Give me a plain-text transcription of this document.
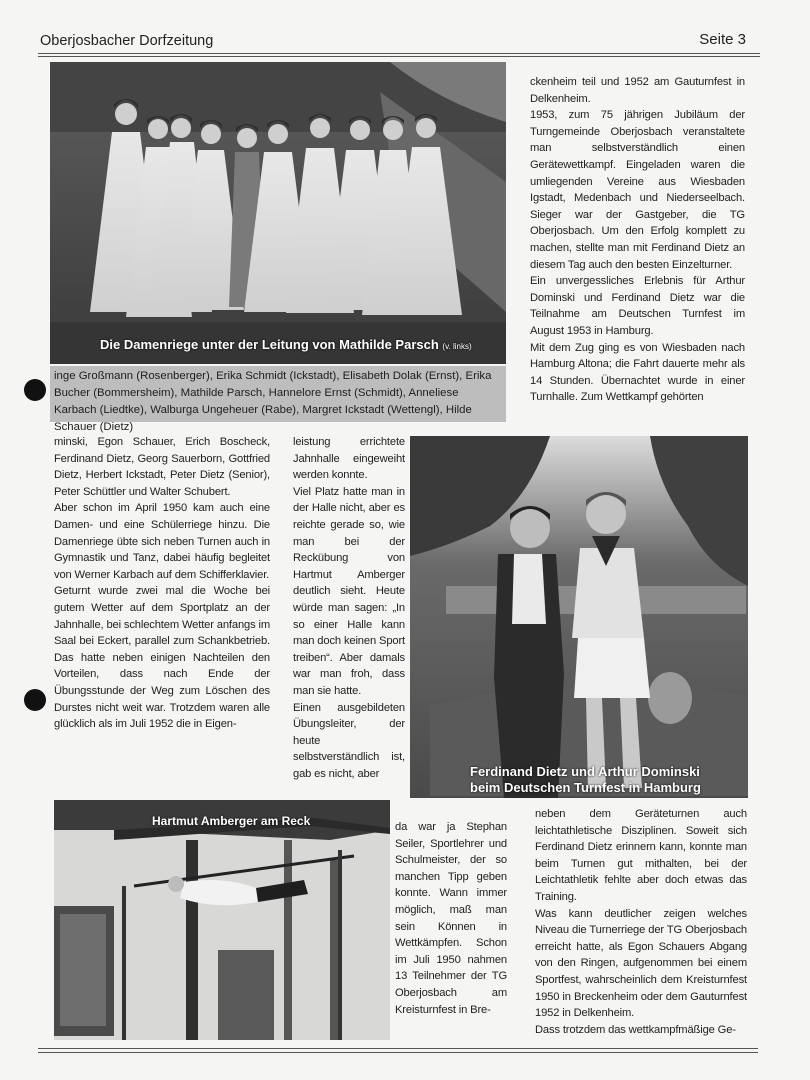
Oberjosbacher Dorfzeitung	Seite 3
Die Damenriege unter der Leitung von Mathilde Parsch (v. links)
inge Großmann (Rosenberger), Erika Schmidt (Ickstadt), Elisabeth Dolak (Ernst), Erika Bucher (Bommersheim), Mathilde Parsch, Hannelore Ernst (Schmidt), Anneliese Karbach (Liedtke), Walburga Ungeheuer (Rabe), Margret Ickstadt (Wettengl), Hilde Schauer (Dietz)

ckenheim teil und 1952 am Gauturnfest in Delkenheim.

1953, zum 75 jährigen Jubiläum der Turngemeinde Oberjosbach veranstaltete man selbstverständlich einen Gerätewettkampf. Eingeladen waren die umliegenden Vereine aus Wiesbaden Igstadt, Medenbach und Niederseelbach. Sieger war der Gastgeber, die TG Oberjosbach. Um den Erfolg komplett zu machen, stellte man mit Ferdinand Dietz an diesem Tag auch den besten Einzelturner.

Ein unvergessliches Erlebnis für Arthur Dominski und Ferdinand Dietz war die Teilnahme am Deutschen Turnfest im August 1953 in Hamburg.

Mit dem Zug ging es von Wiesbaden nach Hamburg Altona; die Fahrt dauerte mehr als 14 Stunden. Übernachtet wurde in einer Turnhalle. Zum Wettkampf gehörten

minski, Egon Schauer, Erich Boscheck, Ferdinand Dietz, Georg Sauerborn, Gottfried Dietz, Herbert Ickstadt, Peter Dietz (Senior), Peter Schüttler und Walter Schubert.

Aber schon im April 1950 kam auch eine Damen- und eine Schülerriege hinzu. Die Damenriege übte sich neben Turnen auch in Gymnastik und Tanz, dabei häufig begleitet von Werner Karbach auf dem Schifferklavier.

Geturnt wurde zwei mal die Woche bei gutem Wetter auf dem Sportplatz an der Jahnhalle, bei schlechtem Wetter anfangs im Saal bei Eckert, parallel zum Schankbetrieb. Das hatte neben einigen Nachteilen den Vorteilen, dass nach Ende der Übungsstunde der Weg zum Löschen des Durstes nicht weit war. Trotzdem waren alle glücklich als im Juli 1952 die in Eigen-

leistung errichtete Jahnhalle eingeweiht werden konnte.

Viel Platz hatte man in der Halle nicht, aber es reichte gerade so, wie man bei der Reckübung von Hartmut Amberger deutlich sieht. Heute würde man sagen: „In so einer Halle kann man doch keinen Sport treiben“. Aber damals war man froh, dass man sie hatte.

Einen ausgebildeten Übungsleiter, der heute selbstverständlich ist, gab es nicht, aber	Ferdinand Dietz und Arthur Dominski
beim Deutschen Turnfest in Hamburg
Hartmut Amberger am Reck	da war ja Stephan Seiler, Sportlehrer und Schulmeister, der so manchen Tipp geben konnte. Wann immer möglich, maß man sein Können in Wettkämpfen. Schon im Juli 1950 nahmen 13 Teilnehmer der TG Oberjosbach am Kreisturnfest in Bre-

neben dem Geräteturnen auch leichtathletische Disziplinen. Soweit sich Ferdinand Dietz erinnern kann, konnte man beim Turnen gut mithalten, bei der Leichtathletik fehlte aber doch etwas das Training.

Was kann deutlicher zeigen welches Niveau die Turnerriege der TG Oberjosbach erreicht hatte, als Egon Schauers Abgang von den Ringen, aufgenommen bei einem Sportfest, wahrscheinlich dem Kreisturnfest 1950 in Breckenheim oder dem Gauturnfest 1952 in Delkenheim.

Dass trotzdem das wettkampfmäßige Ge-
